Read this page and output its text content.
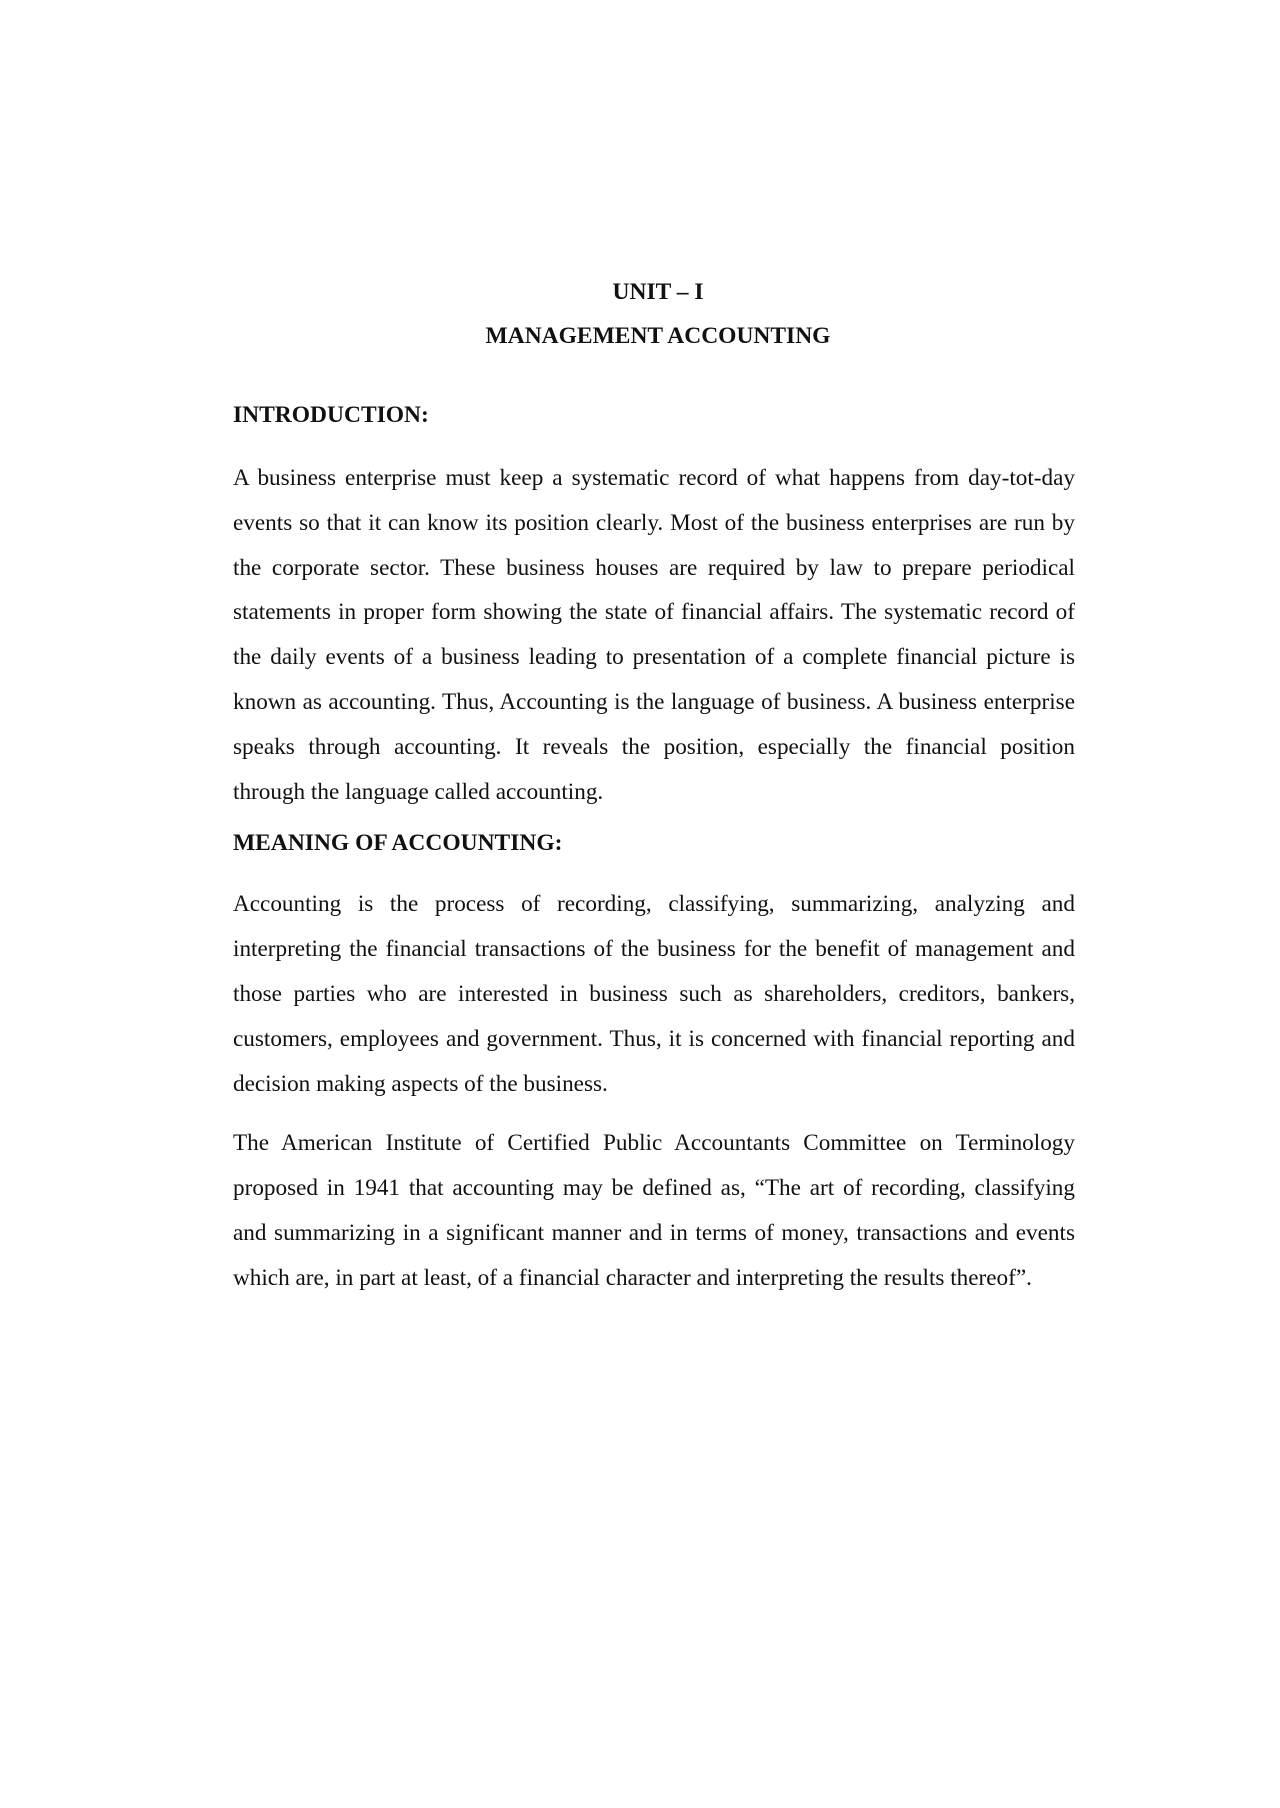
UNIT – I
MANAGEMENT ACCOUNTING
INTRODUCTION:

A business enterprise must keep a systematic record of what happens from day-tot-day events so that it can know its position clearly. Most of the business enterprises are run by the corporate sector. These business houses are required by law to prepare periodical statements in proper form showing the state of financial affairs. The systematic record of the daily events of a business leading to presentation of a complete financial picture is known as accounting. Thus, Accounting is the language of business. A business enterprise speaks through accounting. It reveals the position, especially the financial position through the language called accounting.

MEANING OF ACCOUNTING:

Accounting is the process of recording, classifying, summarizing, analyzing and interpreting the financial transactions of the business for the benefit of management and those parties who are interested in business such as shareholders, creditors, bankers, customers, employees and government. Thus, it is concerned with financial reporting and decision making aspects of the business.

The American Institute of Certified Public Accountants Committee on Terminology proposed in 1941 that accounting may be defined as, “The art of recording, classifying and summarizing in a significant manner and in terms of money, transactions and events which are, in part at least, of a financial character and interpreting the results thereof”.
